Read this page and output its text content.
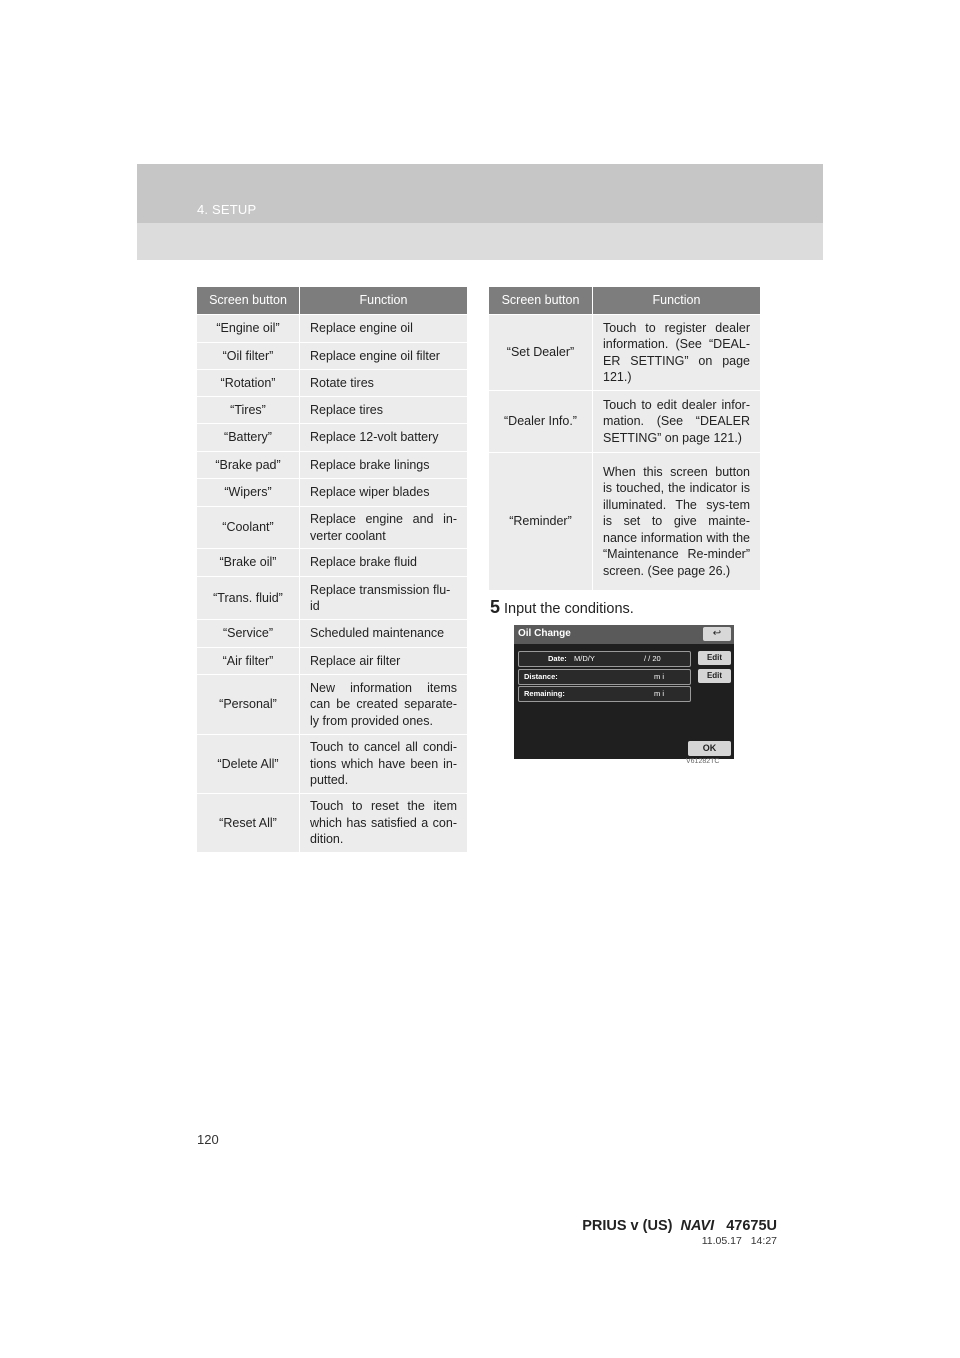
4. SETUP
Screen button	Function
“Engine oil”	Replace engine oil
“Oil filter”	Replace engine oil filter
“Rotation”	Rotate tires
“Tires”	Replace tires
“Battery”	Replace 12-volt battery
“Brake pad”	Replace brake linings
“Wipers”	Replace wiper blades
“Coolant”	Replace engine and in-verter coolant
“Brake oil”	Replace brake fluid
“Trans. fluid”	Replace transmission flu-id
“Service”	Scheduled maintenance
“Air filter”	Replace air filter
“Personal”	New information items can be created separate-ly from provided ones.
“Delete All”	Touch to cancel all condi-tions which have been in-putted.
“Reset All”	Touch to reset the item which has satisfied a con-dition.
Screen button	Function
“Set Dealer”	Touch to register dealer information. (See “DEAL-ER SETTING” on page 121.)
“Dealer Info.”	Touch to edit dealer infor-mation. (See “DEALER SETTING” on page 121.)
“Reminder”	When this screen button is touched, the indicator is illuminated. The sys-tem is set to give mainte-nance information with the “Maintenance Re-minder” screen. (See page 26.)
5 Input the conditions.
Oil Change	↩
Date: M/D/Y	/ / 20	Edit
Distance:	m i	Edit
Remaining:	m i
OK
V61282TC
120
PRIUS v (US) NAVI 47675U
11.05.17 14:27
